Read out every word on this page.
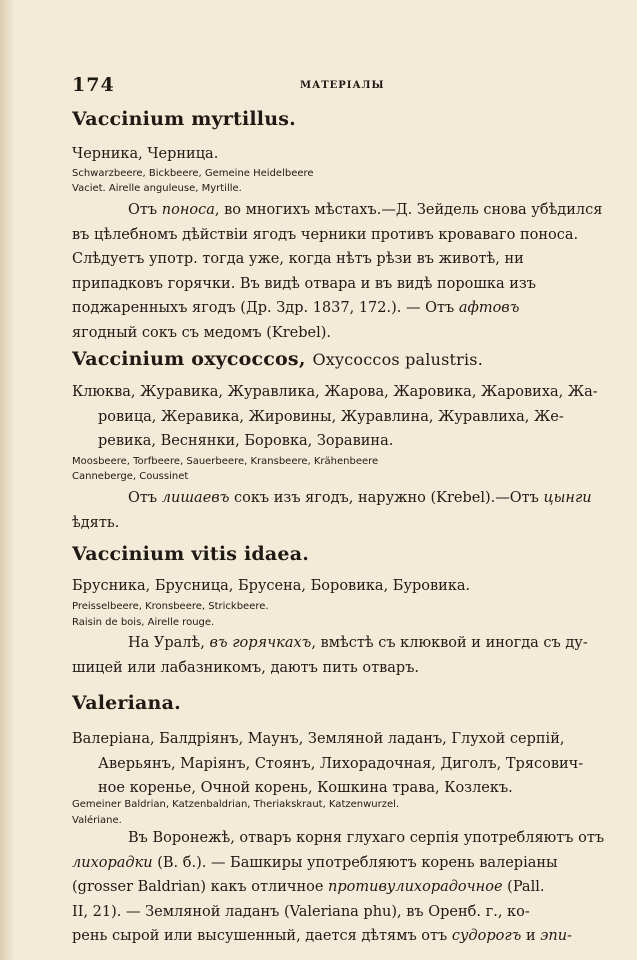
174	МАТЕРІАЛЫ
Vaccinium myrtillus.
Черника, Черница.
Schwarzbeere, Bickbeere, Gemeine Heidelbeere
Vaciet. Airelle anguleuse, Myrtille.
Отъ поноса, во многихъ мѣстахъ.—Д. Зейдель снова убѣдился
въ цѣлебномъ дѣйствіи ягодъ черники противъ кроваваго поноса.
Слѣдуетъ употр. тогда уже, когда нѣтъ рѣзи въ животѣ, ни
припадковъ горячки. Въ видѣ отвара и въ видѣ порошка изъ
поджаренныхъ ягодъ (Др. Здр. 1837, 172.). — Отъ афтовъ
ягодный сокъ съ медомъ (Krebel).
Vaccinium oxycoccos, Oxycoccos palustris.
Клюква, Журавика, Журавлика, Жарова, Жаровика, Жаровиха, Жа-
ровица, Жеравика, Жировины, Журавлина, Журавлиха, Же-
ревика, Веснянки, Боровка, Зоравина.
Moosbeere, Torfbeere, Sauerbeere, Kransbeere, Krähenbeere
Canneberge, Coussinet
Отъ лишаевъ сокъ изъ ягодъ, наружно (Krebel).—Отъ цынги
ѣдять.
Vaccinium vitis idaea.
Брусника, Брусница, Брусена, Боровика, Буровика.
Preisselbeere, Kronsbeere, Strickbeere.
Raisin de bois, Airelle rouge.
На Уралѣ, въ горячкахъ, вмѣстѣ съ клюквой и иногда съ ду-
шицей или лабазникомъ, даютъ пить отваръ.
Valeriana.
Валеріана, Балдріянъ, Маунъ, Земляной ладанъ, Глухой серпій,
Аверьянъ, Маріянъ, Стоянъ, Лихорадочная, Диголъ, Трясович-
ное коренье, Очной корень, Кошкина трава, Козлекъ.
Gemeiner Baldrian, Katzenbaldrian, Theriakskraut, Katzenwurzel.
Valériane.
Въ Воронежѣ, отваръ корня глухаго серпія употребляютъ отъ
лихорадки (В. б.). — Башкиры употребляютъ корень валеріаны
(grosser Baldrian) какъ отличное противулихорадочное (Pall.
II, 21). — Земляной ладанъ (Valeriana phu), въ Оренб. г., ко-
рень сырой или высушенный, дается дѣтямъ отъ судорогъ и эпи-
